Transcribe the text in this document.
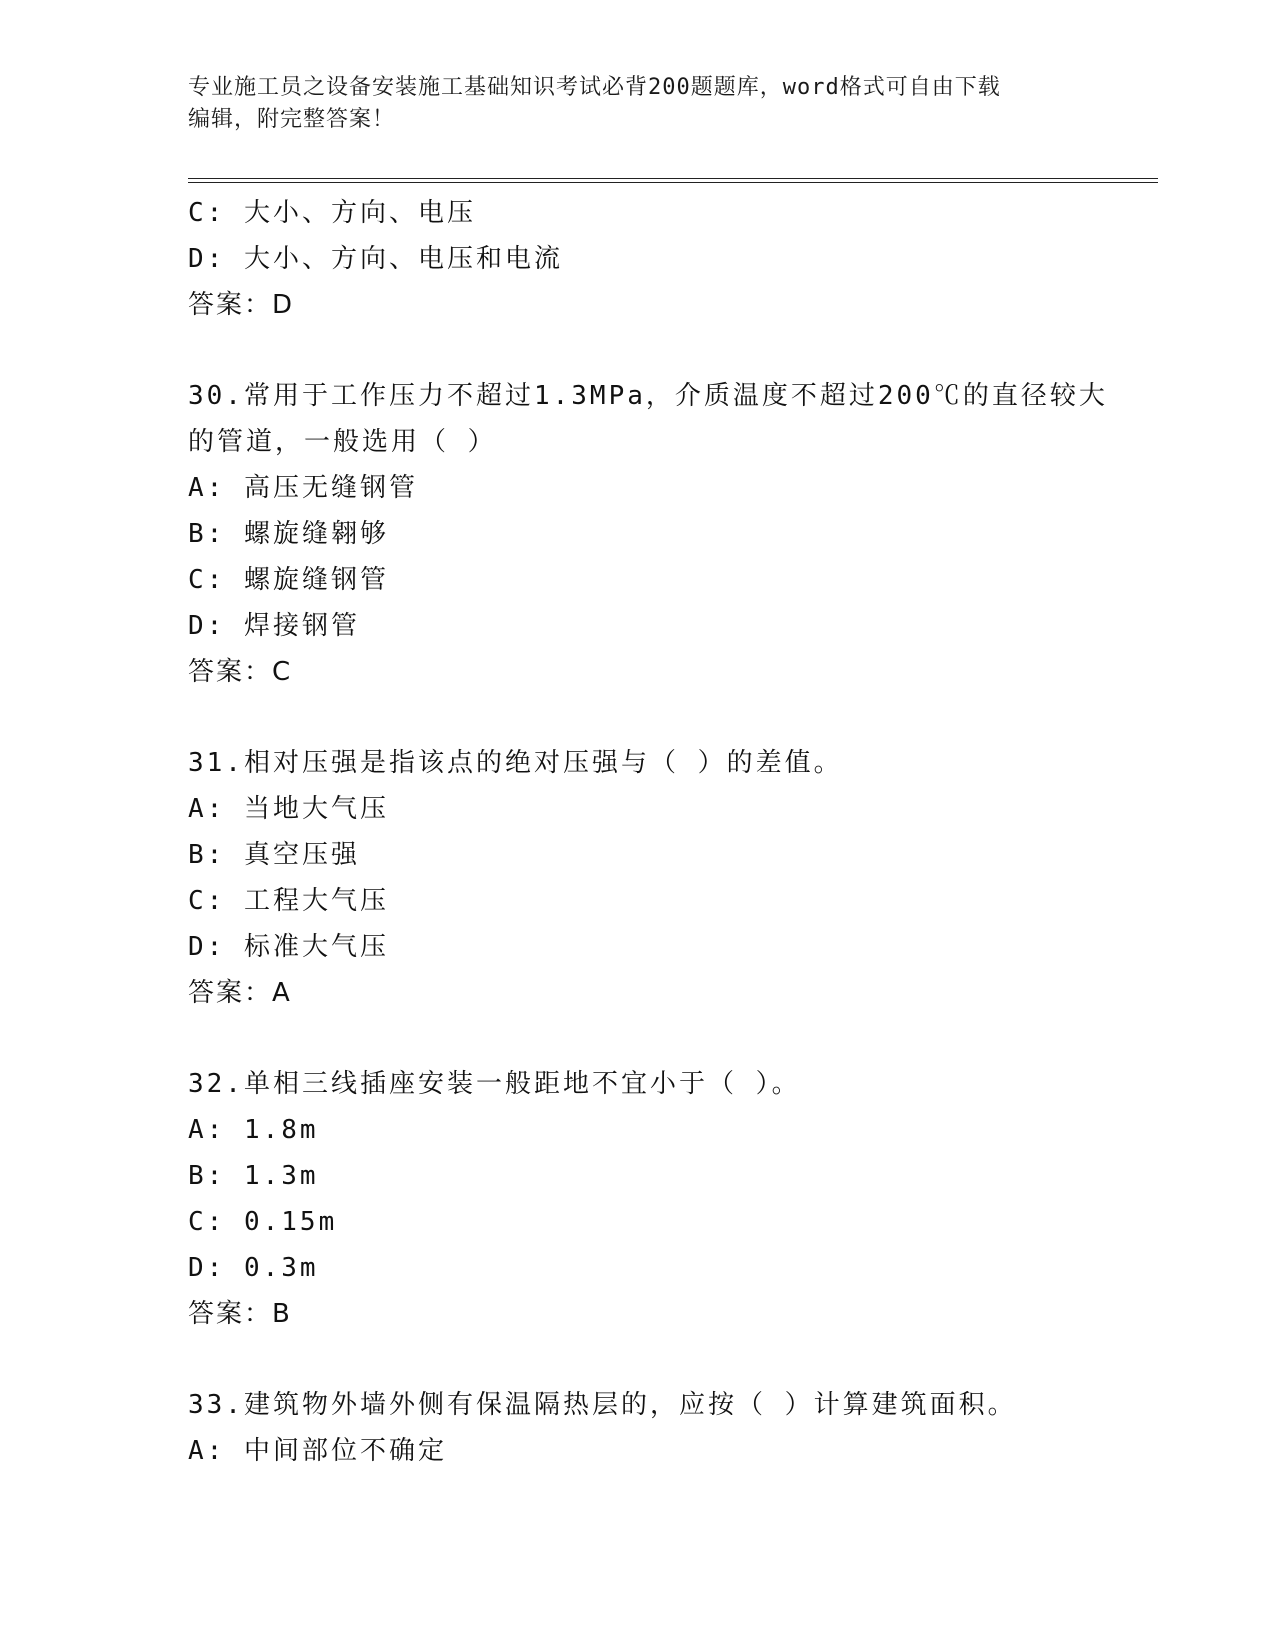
专业施工员之设备安装施工基础知识考试必背200题题库，word格式可自由下载
编辑，附完整答案！
C: 大小、方向、电压
D: 大小、方向、电压和电流
答案：D
30.常用于工作压力不超过1.3MPa，介质温度不超过200℃的直径较大
的管道，一般选用（ ）
A: 高压无缝钢管
B: 螺旋缝翱够
C: 螺旋缝钢管
D: 焊接钢管
答案：C
31.相对压强是指该点的绝对压强与（ ）的差值。
A: 当地大气压
B: 真空压强
C: 工程大气压
D: 标准大气压
答案：A
32.单相三线插座安装一般距地不宜小于（ ）。
A: 1.8m
B: 1.3m
C: 0.15m
D: 0.3m
答案：B
33.建筑物外墙外侧有保温隔热层的，应按（ ）计算建筑面积。
A: 中间部位不确定
